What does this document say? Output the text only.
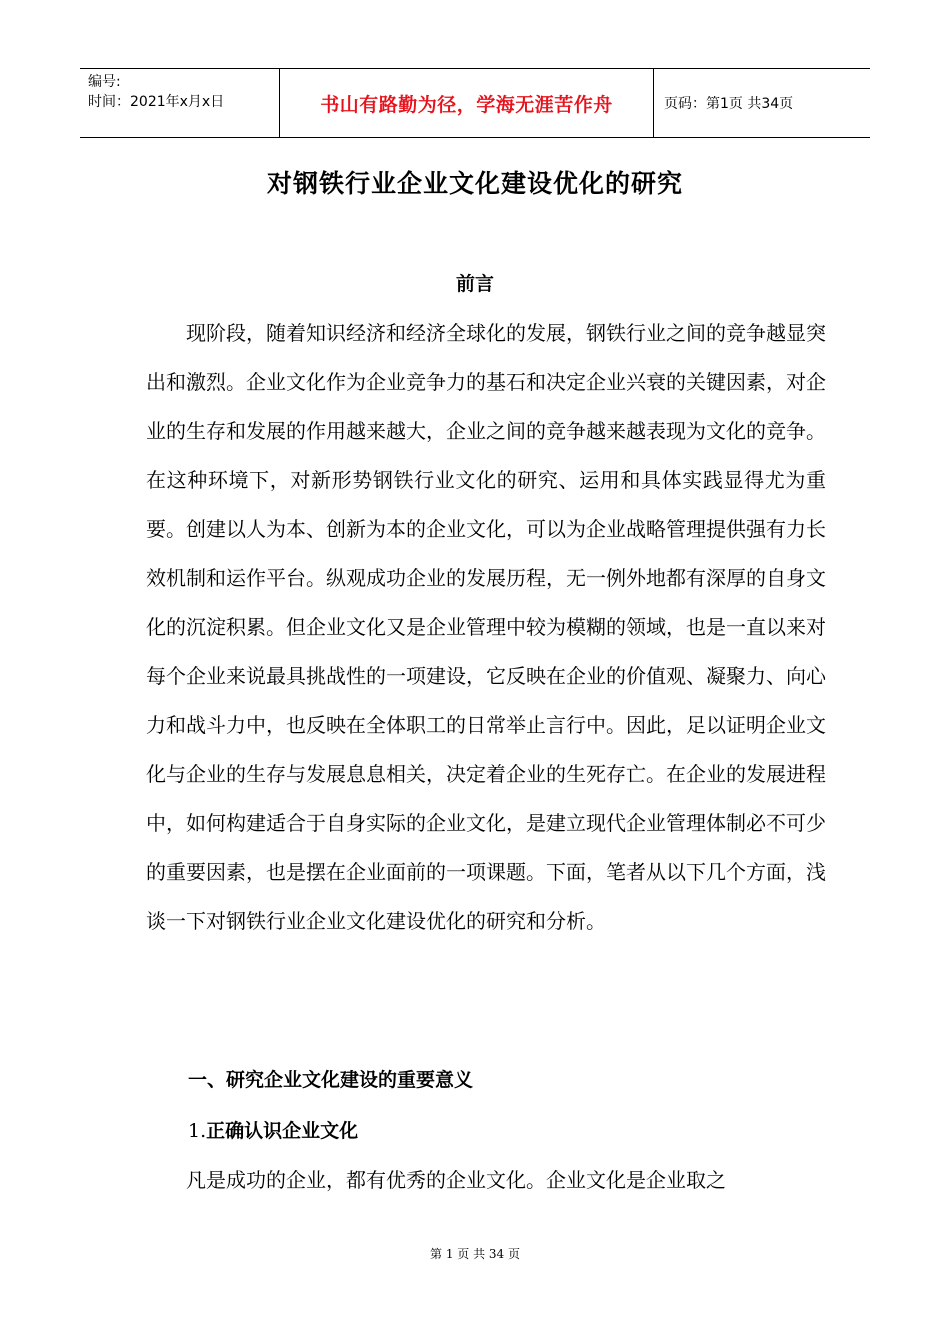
编号:
时间：2021年x月x日	书山有路勤为径，学海无涯苦作舟	页码：第1页 共34页
对钢铁行业企业文化建设优化的研究
前言
现阶段，随着知识经济和经济全球化的发展，钢铁行业之间的竞争越显突出和激烈。企业文化作为企业竞争力的基石和决定企业兴衰的关键因素，对企业的生存和发展的作用越来越大，企业之间的竞争越来越表现为文化的竞争。在这种环境下，对新形势钢铁行业文化的研究、运用和具体实践显得尤为重要。创建以人为本、创新为本的企业文化，可以为企业战略管理提供强有力长效机制和运作平台。纵观成功企业的发展历程，无一例外地都有深厚的自身文化的沉淀积累。但企业文化又是企业管理中较为模糊的领域，也是一直以来对每个企业来说最具挑战性的一项建设，它反映在企业的价值观、凝聚力、向心力和战斗力中，也反映在全体职工的日常举止言行中。因此，足以证明企业文化与企业的生存与发展息息相关，决定着企业的生死存亡。在企业的发展进程中，如何构建适合于自身实际的企业文化，是建立现代企业管理体制必不可少的重要因素，也是摆在企业面前的一项课题。下面，笔者从以下几个方面，浅谈一下对钢铁行业企业文化建设优化的研究和分析。
一、研究企业文化建设的重要意义
1.正确认识企业文化
凡是成功的企业，都有优秀的企业文化。企业文化是企业取之
第 1 页 共 34 页
